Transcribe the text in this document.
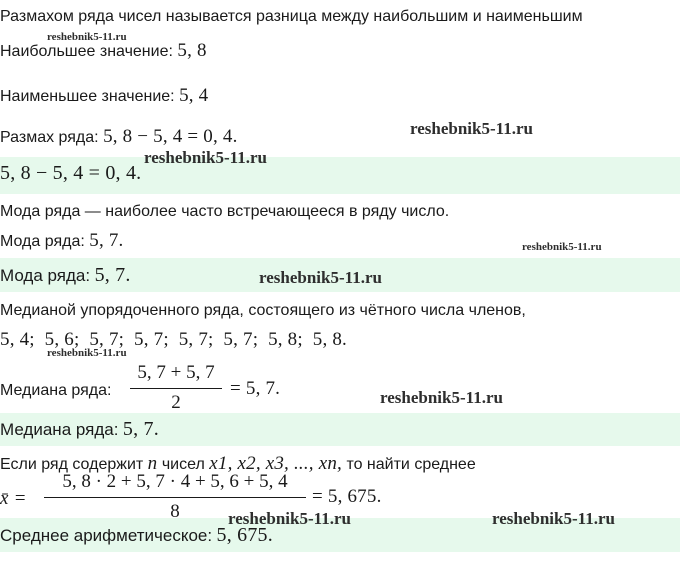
Размахом ряда чисел называется разница между наибольшим и наименьшим
Наибольшее значение: 5, 8
Наименьшее значение: 5, 4
Размах ряда: 5, 8 − 5, 4 = 0, 4.
5, 8 − 5, 4 = 0, 4.
Мода ряда — наиболее часто встречающееся в ряду число.
Мода ряда: 5, 7.
Мода ряда: 5, 7.
Медианой упорядоченного ряда, состоящего из чётного числа членов,
5, 4;  5, 6;  5, 7;  5, 7;  5, 7;  5, 7;  5, 8;  5, 8.
Медиана ряда:
5, 7 + 5, 7
2
= 5, 7.
Медиана ряда: 5, 7.
Если ряд содержит n чисел x1, x2, x3, ..., xn, то найти среднее
x̄ =
5, 8 · 2 + 5, 7 · 4 + 5, 6 + 5, 4
8
= 5, 675.
Среднее арифметическое: 5, 675.
reshebnik5-11.ru
reshebnik5-11.ru
reshebnik5-11.ru
reshebnik5-11.ru
reshebnik5-11.ru
reshebnik5-11.ru
reshebnik5-11.ru
reshebnik5-11.ru	reshebnik5-11.ru
